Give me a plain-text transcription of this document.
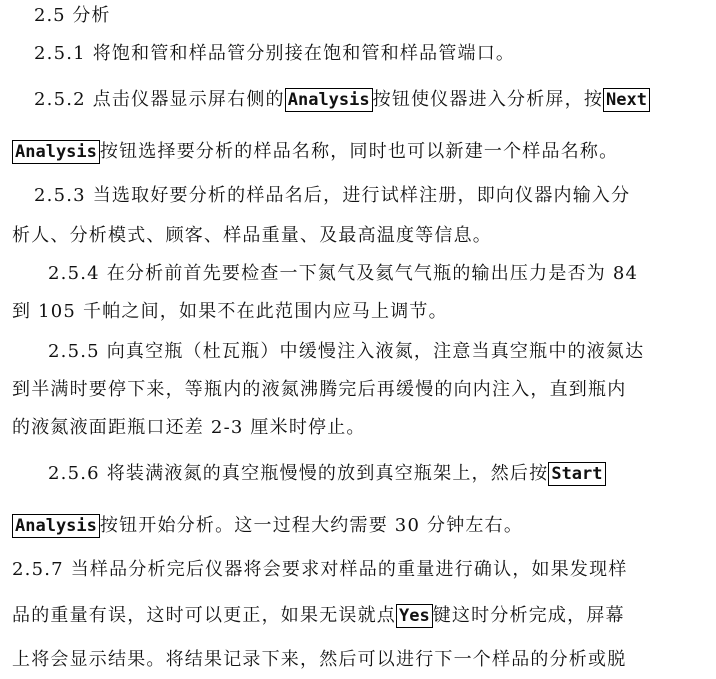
2.5 分析
2.5.1 将饱和管和样品管分别接在饱和管和样品管端口。
2.5.2 点击仪器显示屏右侧的 Analysis 按钮使仪器进入分析屏，按 Next
Analysis 按钮选择要分析的样品名称，同时也可以新建一个样品名称。
2.5.3 当选取好要分析的样品名后，进行试样注册，即向仪器内输入分
析人、分析模式、顾客、样品重量、及最高温度等信息。
2.5.4 在分析前首先要检查一下氮气及氦气气瓶的输出压力是否为 84
到 105 千帕之间，如果不在此范围内应马上调节。
2.5.5 向真空瓶（杜瓦瓶）中缓慢注入液氮，注意当真空瓶中的液氮达
到半满时要停下来，等瓶内的液氮沸腾完后再缓慢的向内注入，直到瓶内
的液氮液面距瓶口还差 2-3 厘米时停止。
2.5.6 将装满液氮的真空瓶慢慢的放到真空瓶架上，然后按 Start
Analysis 按钮开始分析。这一过程大约需要 30 分钟左右。
2.5.7 当样品分析完后仪器将会要求对样品的重量进行确认，如果发现样
品的重量有误，这时可以更正，如果无误就点 Yes 键这时分析完成，屏幕
上将会显示结果。将结果记录下来，然后可以进行下一个样品的分析或脱
